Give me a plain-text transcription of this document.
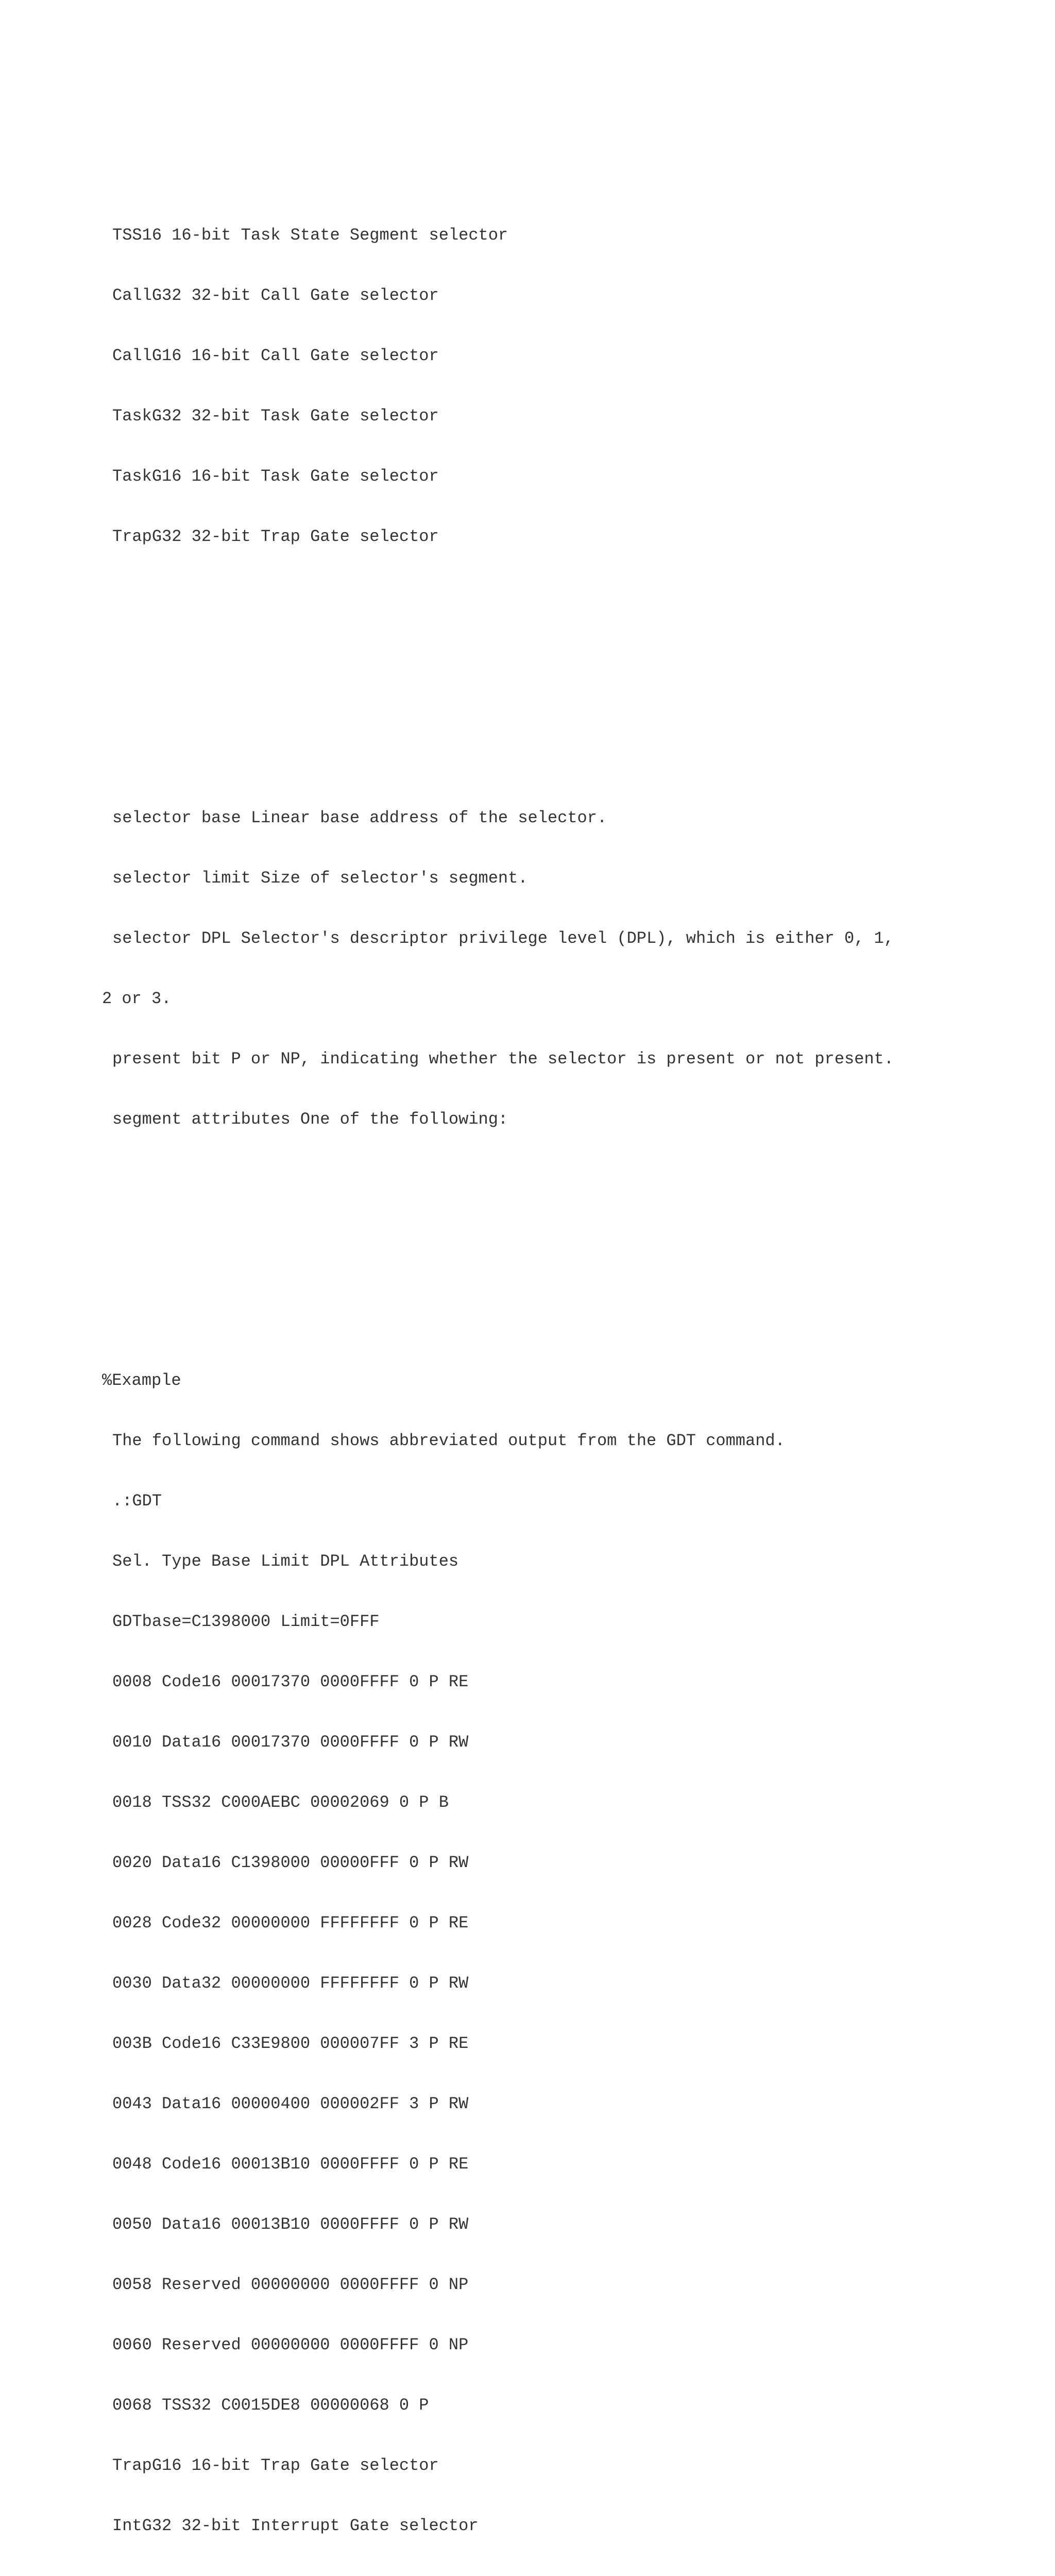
TSS16 16-bit Task State Segment selector

CallG32 32-bit Call Gate selector

CallG16 16-bit Call Gate selector

TaskG32 32-bit Task Gate selector

TaskG16 16-bit Task Gate selector

TrapG32 32-bit Trap Gate selector

selector base Linear base address of the selector.

selector limit Size of selector's segment.

selector DPL Selector's descriptor privilege level (DPL), which is either 0, 1,

2 or 3.

present bit P or NP, indicating whether the selector is present or not present.

segment attributes One of the following:

%Example

The following command shows abbreviated output from the GDT command.

.:GDT

Sel. Type Base Limit DPL Attributes

GDTbase=C1398000 Limit=0FFF

0008 Code16 00017370 0000FFFF 0 P RE

0010 Data16 00017370 0000FFFF 0 P RW

0018 TSS32 C000AEBC 00002069 0 P B

0020 Data16 C1398000 00000FFF 0 P RW

0028 Code32 00000000 FFFFFFFF 0 P RE

0030 Data32 00000000 FFFFFFFF 0 P RW

003B Code16 C33E9800 000007FF 3 P RE

0043 Data16 00000400 000002FF 3 P RW

0048 Code16 00013B10 0000FFFF 0 P RE

0050 Data16 00013B10 0000FFFF 0 P RW

0058 Reserved 00000000 0000FFFF 0 NP

0060 Reserved 00000000 0000FFFF 0 NP

0068 TSS32 C0015DE8 00000068 0 P

TrapG16 16-bit Trap Gate selector

IntG32 32-bit Interrupt Gate selector
